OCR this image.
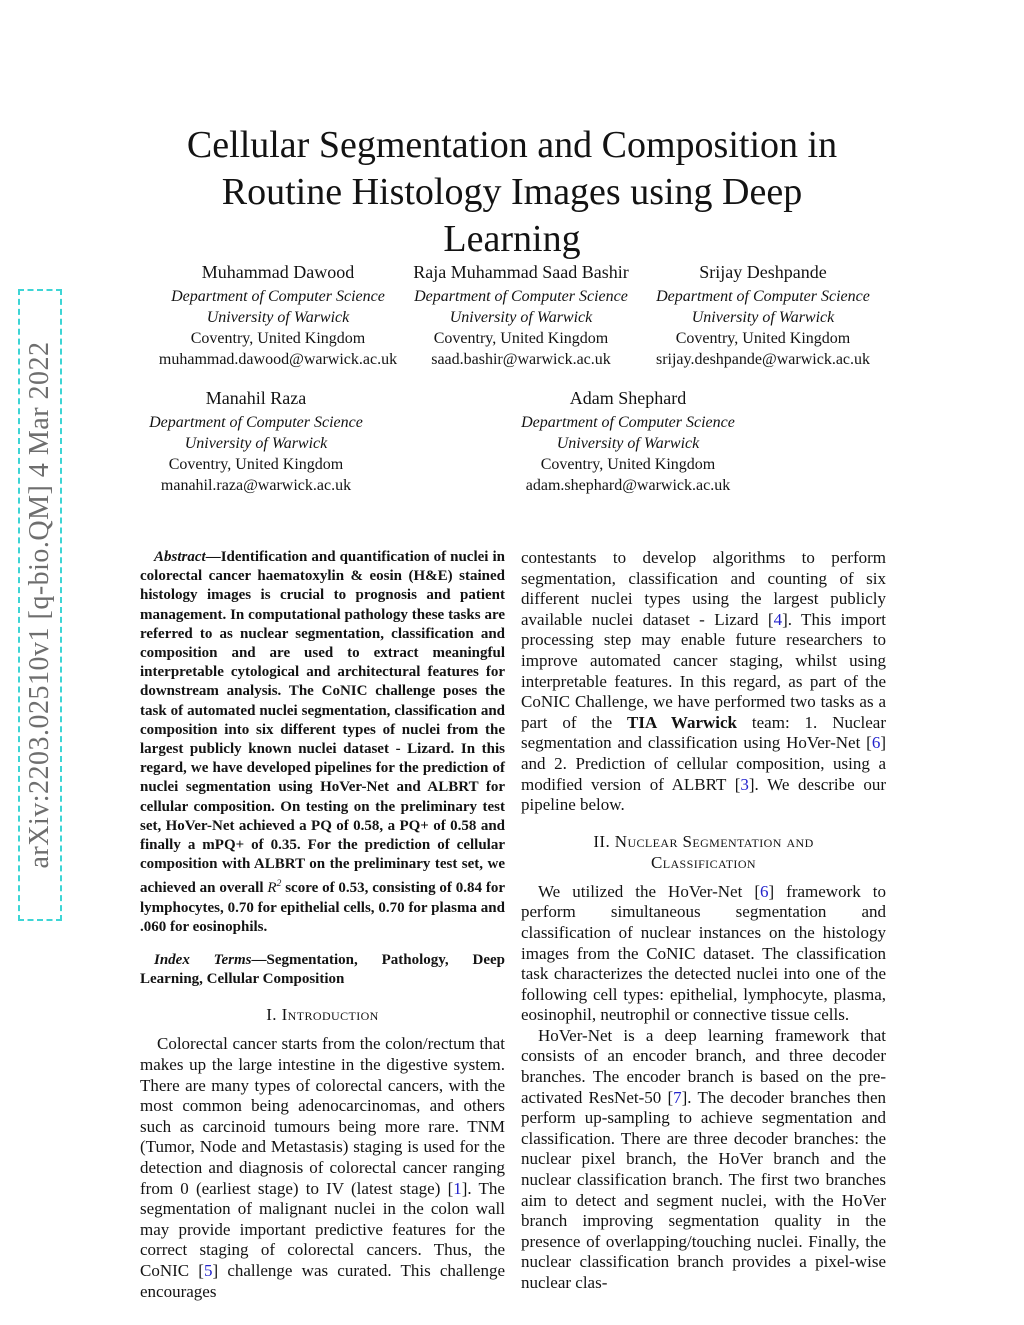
arXiv:2203.02510v1 [q-bio.QM] 4 Mar 2022
Cellular Segmentation and Composition in Routine Histology Images using Deep Learning
Muhammad Dawood
Department of Computer Science
University of Warwick
Coventry, United Kingdom
muhammad.dawood@warwick.ac.uk
Raja Muhammad Saad Bashir
Department of Computer Science
University of Warwick
Coventry, United Kingdom
saad.bashir@warwick.ac.uk
Srijay Deshpande
Department of Computer Science
University of Warwick
Coventry, United Kingdom
srijay.deshpande@warwick.ac.uk
Manahil Raza
Department of Computer Science
University of Warwick
Coventry, United Kingdom
manahil.raza@warwick.ac.uk
Adam Shephard
Department of Computer Science
University of Warwick
Coventry, United Kingdom
adam.shephard@warwick.ac.uk

Abstract—Identification and quantification of nuclei in colorectal cancer haematoxylin & eosin (H&E) stained histology images is crucial to prognosis and patient management. In computational pathology these tasks are referred to as nuclear segmentation, classification and composition and are used to extract meaningful interpretable cytological and architectural features for downstream analysis. The CoNIC challenge poses the task of automated nuclei segmentation, classification and composition into six different types of nuclei from the largest publicly known nuclei dataset - Lizard. In this regard, we have developed pipelines for the prediction of nuclei segmentation using HoVer-Net and ALBRT for cellular composition. On testing on the preliminary test set, HoVer-Net achieved a PQ of 0.58, a PQ+ of 0.58 and finally a mPQ+ of 0.35. For the prediction of cellular composition with ALBRT on the preliminary test set, we achieved an overall $R^2$ score of 0.53, consisting of 0.84 for lymphocytes, 0.70 for epithelial cells, 0.70 for plasma and .060 for eosinophils.

Index Terms—Segmentation, Pathology, Deep Learning, Cellular Composition

I. Introduction

Colorectal cancer starts from the colon/rectum that makes up the large intestine in the digestive system. There are many types of colorectal cancers, with the most common being adenocarcinomas, and others such as carcinoid tumours being more rare. TNM (Tumor, Node and Metastasis) staging is used for the detection and diagnosis of colorectal cancer ranging from 0 (earliest stage) to IV (latest stage) [1]. The segmentation of malignant nuclei in the colon wall may provide important predictive features for the correct staging of colorectal cancers. Thus, the CoNIC [5] challenge was curated. This challenge encourages

contestants to develop algorithms to perform segmentation, classification and counting of six different nuclei types using the largest publicly available nuclei dataset - Lizard [4]. This import processing step may enable future researchers to improve automated cancer staging, whilst using interpretable features. In this regard, as part of the CoNIC Challenge, we have performed two tasks as a part of the TIA Warwick team: 1. Nuclear segmentation and classification using HoVer-Net [6] and 2. Prediction of cellular composition, using a modified version of ALBRT [3]. We describe our pipeline below.

II. Nuclear Segmentation and Classification

We utilized the HoVer-Net [6] framework to perform simultaneous segmentation and classification of nuclear instances on the histology images from the CoNIC dataset. The classification task characterizes the detected nuclei into one of the following cell types: epithelial, lymphocyte, plasma, eosinophil, neutrophil or connective tissue cells.

HoVer-Net is a deep learning framework that consists of an encoder branch, and three decoder branches. The encoder branch is based on the pre-activated ResNet-50 [7]. The decoder branches then perform up-sampling to achieve segmentation and classification. There are three decoder branches: the nuclear pixel branch, the HoVer branch and the nuclear classification branch. The first two branches aim to detect and segment nuclei, with the HoVer branch improving segmentation quality in the presence of overlapping/touching nuclei. Finally, the nuclear classification branch provides a pixel-wise nuclear clas-
